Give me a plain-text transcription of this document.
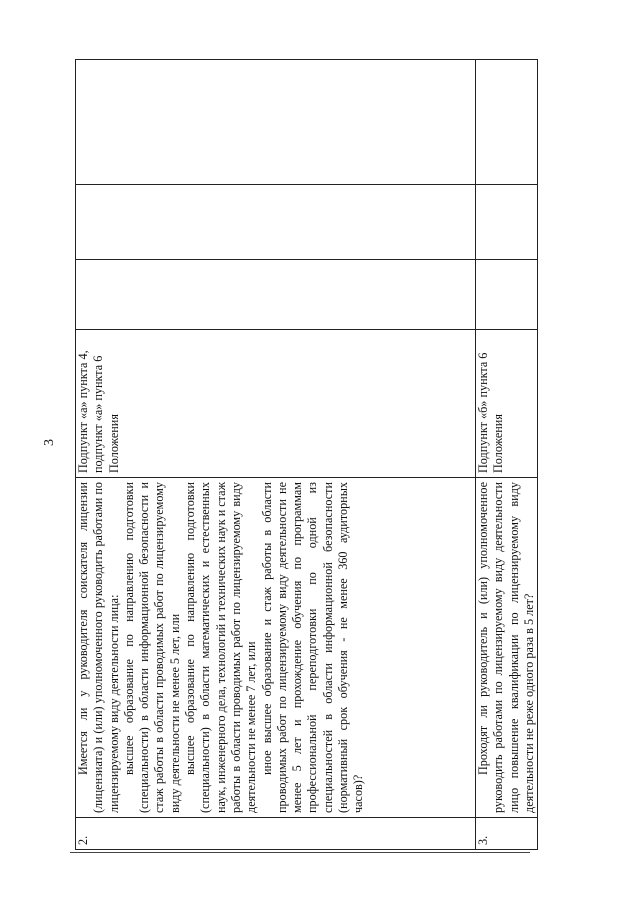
3
2.	Имеется ли у руководителя соискателя лицензии (лицензиата) и (или) уполномоченного руководить работами по лицензируемому виду деятельности лица: высшее образование по направлению подготовки (специальности) в области информационной безопасности и стаж работы в области проводимых работ по лицензируемому виду деятельности не менее 5 лет, или высшее образование по направлению подготовки (специальности) в области математических и естественных наук, инженерного дела, технологий и технических наук и стаж работы в области проводимых работ по лицензируемому виду деятельности не менее 7 лет, или иное высшее образование и стаж работы в области проводимых работ по лицензируемому виду деятельности не менее 5 лет и прохождение обучения по программам профессиональной переподготовки по одной из специальностей в области информационной безопасности (нормативный срок обучения - не менее 360 аудиторных часов)?	Подпункт «а» пункта 4, подпункт «а» пункта 6 Положения			
3.	Проходят ли руководитель и (или) уполномоченное руководить работами по лицензируемому виду деятельности лицо повышение квалификации по лицензируемому виду деятельности не реже одного раза в 5 лет?	Подпункт «б» пункта 6 Положения			
